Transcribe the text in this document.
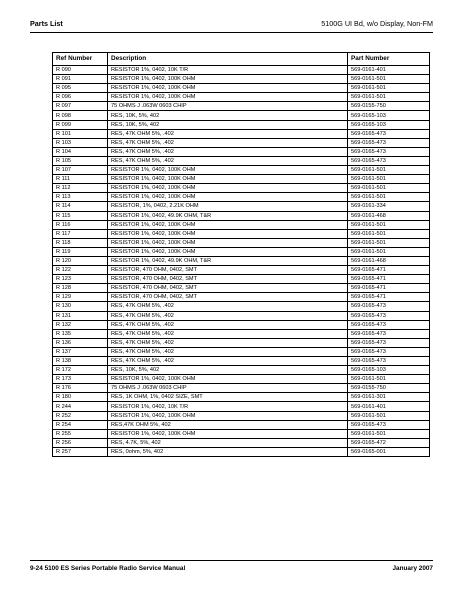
Parts List	5100G UI Bd, w/o Display, Non-FM
Ref Number	Description	Part Number
R 090	RESISTOR 1%, 0402, 10K T/R	569-0161-401
R 091	RESISTOR 1%, 0402, 100K OHM	569-0161-501
R 095	RESISTOR 1%, 0402, 100K OHM	569-0161-501
R 096	RESISTOR 1%, 0402, 100K OHM	569-0161-501
R 097	75 OHMS J .063W 0603 CHIP	569-0155-750
R 098	RES, 10K, 5%, 402	569-0165-103
R 099	RES, 10K, 5%, 402	569-0165-103
R 101	RES, 47K OHM 5%, .402	569-0165-473
R 103	RES, 47K OHM 5%, .402	569-0165-473
R 104	RES, 47K OHM 5%, .402	569-0165-473
R 105	RES, 47K OHM 5%, .402	569-0165-473
R 107	RESISTOR 1%, 0402, 100K OHM	569-0161-501
R 111	RESISTOR 1%, 0402, 100K OHM	569-0161-501
R 112	RESISTOR 1%, 0402, 100K OHM	569-0161-501
R 113	RESISTOR 1%, 0402, 100K OHM	569-0161-501
R 114	RESISTOR, 1%, 0402, 2.21K OHM	569-0161-334
R 115	RESISTOR 1%, 0402, 49.9K OHM, T&R	569-0161-468
R 116	RESISTOR 1%, 0402, 100K OHM	569-0161-501
R 117	RESISTOR 1%, 0402, 100K OHM	569-0161-501
R 118	RESISTOR 1%, 0402, 100K OHM	569-0161-501
R 119	RESISTOR 1%, 0402, 100K OHM	569-0161-501
R 120	RESISTOR 1%, 0402, 49.9K OHM, T&R	569-0161-468
R 122	RESISTOR, 470 OHM, 0402, SMT	569-0165-471
R 123	RESISTOR, 470 OHM, 0402, SMT	569-0165-471
R 128	RESISTOR, 470 OHM, 0402, SMT	569-0165-471
R 129	RESISTOR, 470 OHM, 0402, SMT	569-0165-471
R 130	RES, 47K OHM 5%, .402	569-0165-473
R 131	RES, 47K OHM 5%, .402	569-0165-473
R 132	RES, 47K OHM 5%, .402	569-0165-473
R 135	RES, 47K OHM 5%, .402	569-0165-473
R 136	RES, 47K OHM 5%, .402	569-0165-473
R 137	RES, 47K OHM 5%, .402	569-0165-473
R 138	RES, 47K OHM 5%, .402	569-0165-473
R 172	RES, 10K, 5%, 402	569-0165-103
R 173	RESISTOR 1%, 0402, 100K OHM	569-0161-501
R 176	75 OHMS J .063W 0603 CHIP	569-0155-750
R 180	RES, 1K OHM, 1%, 0402 SIZE, SMT	569-0161-301
R 244	RESISTOR 1%, 0402, 10K T/R	569-0161-401
R 252	RESISTOR 1%, 0402, 100K OHM	569-0161-501
R 254	RES,47K OHM 5%, 402	569-0165-473
R 255	RESISTOR 1%, 0402, 100K OHM	569-0161-501
R 256	RES, 4.7K, 5%, 402	569-0165-472
R 257	RES, 0ohm, 5%, 402	569-0165-001
9-24 5100 ES Series Portable Radio Service Manual	January 2007
